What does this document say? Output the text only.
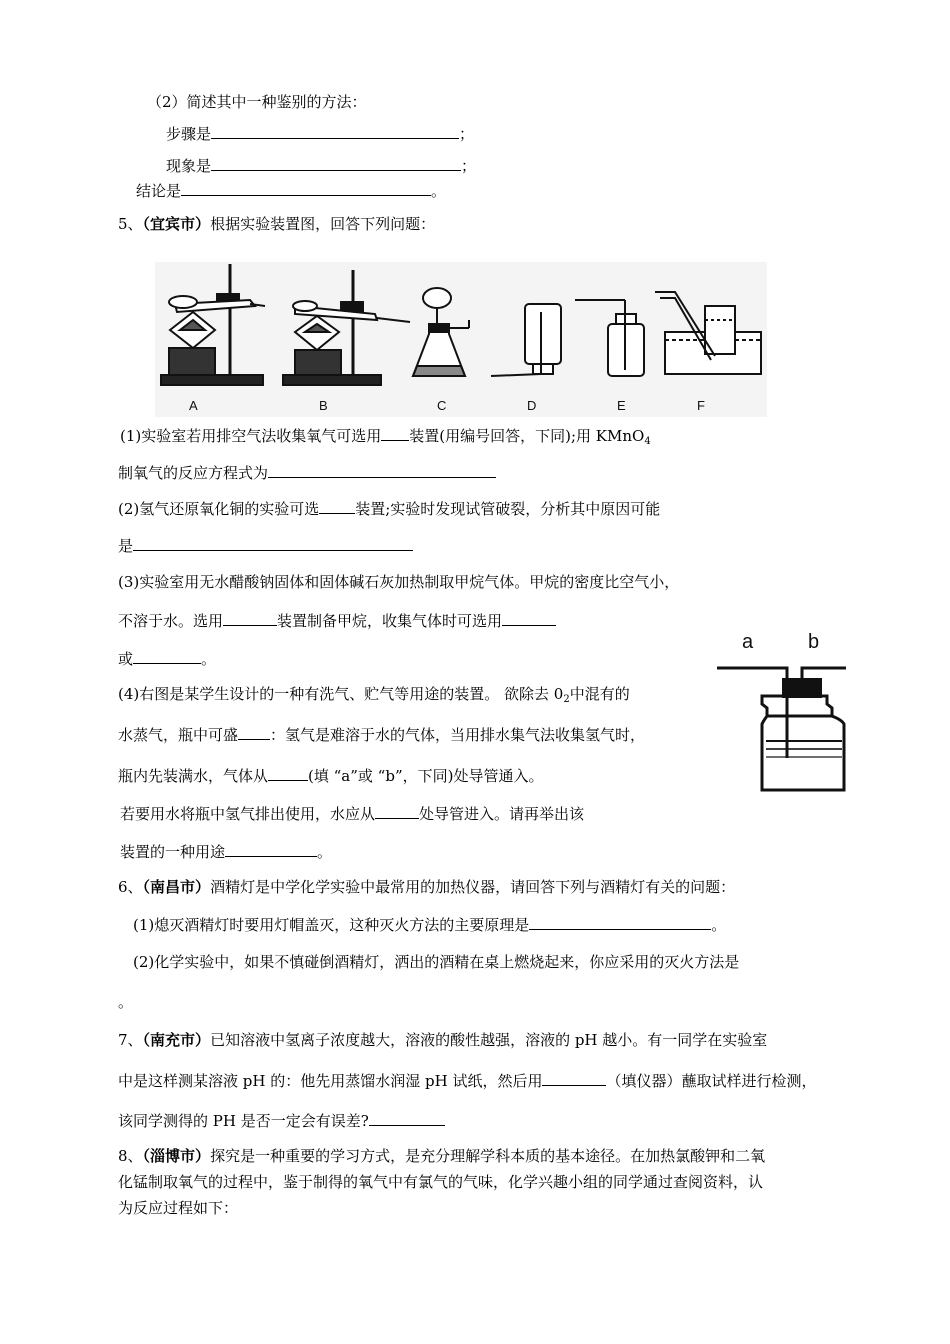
（2）简述其中一种鉴别的方法：
步骤是	；
现象是	；
结论是	。
5、（宜宾市）根据实验装置图，回答下列问题：
A	B	C	D	E	F
(1)实验室若用排空气法收集氧气可选用 装置(用编号回答，下同);用 KMnO$_4$
制氧气的反应方程式为
(2)氢气还原氧化铜的实验可选 装置;实验时发现试管破裂，分析其中原因可能
是
(3)实验室用无水醋酸钠固体和固体碱石灰加热制取甲烷气体。甲烷的密度比空气小，
不溶于水。选用	装置制备甲烷，收集气体时可选用
或	。
a	b
(4)右图是某学生设计的一种有洗气、贮气等用途的装置。 欲除去 $0_2$中混有的
水蒸气，瓶中可盛 ：氢气是难溶于水的气体，当用排水集气法收集氢气时，
瓶内先装满水，气体从	(填 “a”或 “b”，下同)处导管通入。
若要用水将瓶中氢气排出使用，水应从	处导管进入。请再举出该
装置的一种用途	。
6、（南昌市）酒精灯是中学化学实验中最常用的加热仪器，请回答下列与酒精灯有关的问题：
(1)熄灭酒精灯时要用灯帽盖灭，这种灭火方法的主要原理是	。
(2)化学实验中，如果不慎碰倒酒精灯，洒出的酒精在桌上燃烧起来，你应采用的灭火方法是
。
7、（南充市）已知溶液中氢离子浓度越大，溶液的酸性越强，溶液的 pH 越小。有一同学在实验室
中是这样测某溶液 pH 的：他先用蒸馏水润湿 pH 试纸，然后用	（填仪器）蘸取试样进行检测，
该同学测得的 PH 是否一定会有误差?
8、（淄博市）探究是一种重要的学习方式，是充分理解学科本质的基本途径。在加热氯酸钾和二氧
化锰制取氧气的过程中，鉴于制得的氧气中有氯气的气味，化学兴趣小组的同学通过查阅资料，认
为反应过程如下：
